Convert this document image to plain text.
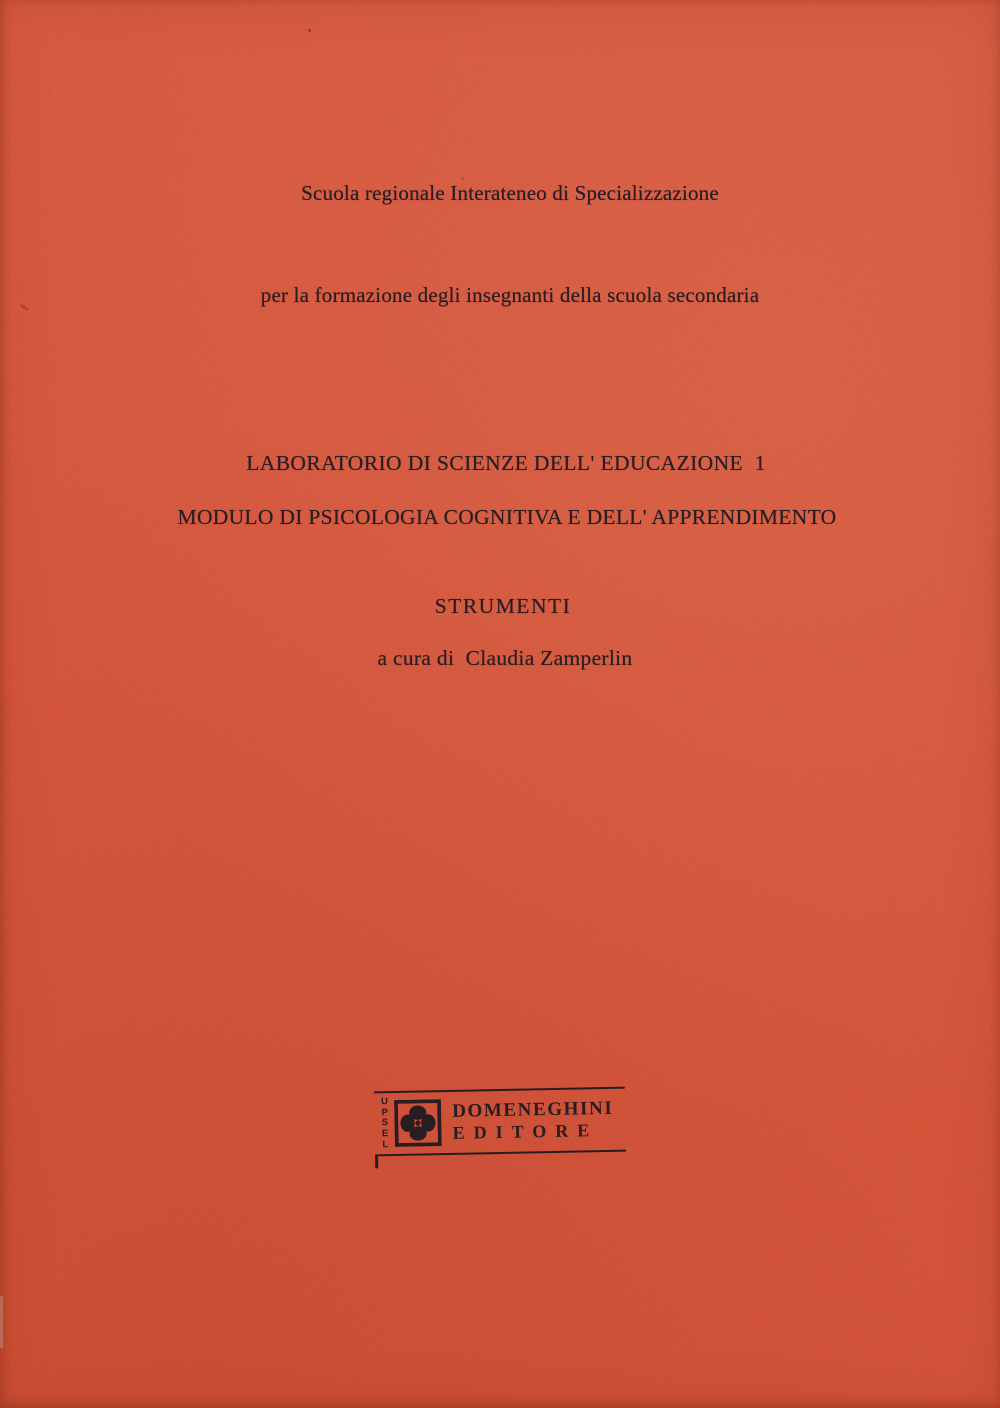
Scuola regionale Interateneo di Specializzazione

per la formazione degli insegnanti della scuola secondaria

LABORATORIO DI SCIENZE DELL' EDUCAZIONE  1
MODULO DI PSICOLOGIA COGNITIVA E DELL' APPRENDIMENTO
STRUMENTI
a cura di  Claudia Zamperlin
UPSEL
DOMENEGHINI
EDITORE
